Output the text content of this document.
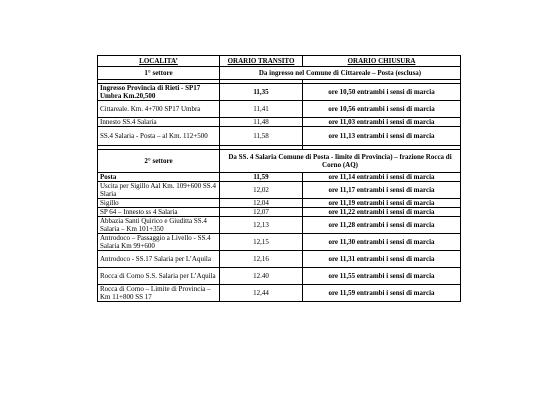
LOCALITA’	ORARIO TRANSITO	ORARIO CHIUSURA
1° settore	Da ingresso nel Comune di Cittareale – Posta (esclusa)	

Ingresso Provincia di Rieti - SP17 Umbra Km.20,500	11,35	ore 10,50 entrambi i sensi di marcia
Cittareale. Km. 4+700 SP17 Umbra	11,41	ore 10,56 entrambi i sensi di marcia
Innesto SS.4 Salaria	11,48	ore 11,03 entrambi i sensi di marcia
SS.4 Salaria - Posta – al Km. 112+500	11,58	ore 11,13 entrambi i sensi di marcia

2° settore	Da SS. 4 Salaria Comune di Posta - limite di Provincia) – frazione Rocca di Corno (AQ)	
Posta	11,59	ore 11,14 entrambi i sensi di marcia
Uscita per Sigillo Aal Km. 109+600 SS.4 Slaria	12,02	ore 11,17 entrambi i sensi di marcia
Sigillo	12,04	ore 11,19 entrambi i sensi di marcia
SP 64 – Innesto ss 4 Salaria	12,07	ore 11,22 entrambi i sensi di marcia
Abbazia Santi Quirico e Giuditta SS.4 Salaria – Km 101+350	12,13	ore 11,28 entrambi i sensi di marcia
Antrodoco – Passaggio a Livello - SS.4 Salaria Km 99+600	12,15	ore 11,30 entrambi i sensi di marcia
Antrodoco - SS.17 Salaria per L’Aquila	12,16	ore 11,31 entrambi i sensi di marcia
Rocca di Corno S.S. Salaria per L’Aquila	12.40	ore 11,55 entrambi i sensi di marcia
Rocca di Corno – Limite di Provincia – Km 11+800 SS 17	12,44	ore 11,59 entrambi i sensi di marcia
